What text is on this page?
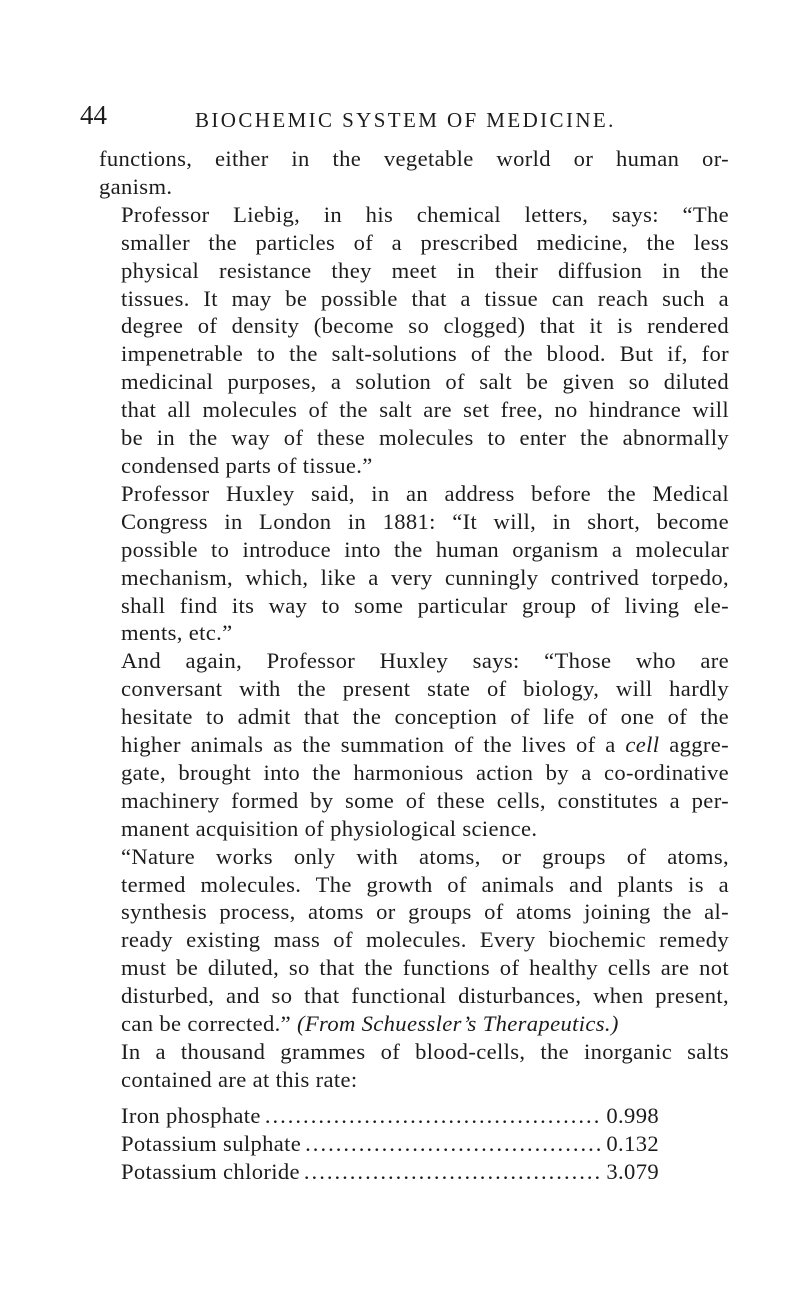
44	BIOCHEMIC SYSTEM OF MEDICINE.

functions, either in the vegetable world or human or-
ganism.

Professor Liebig, in his chemical letters, says: “The
smaller the particles of a prescribed medicine, the less
physical resistance they meet in their diffusion in the
tissues. It may be possible that a tissue can reach such a
degree of density (become so clogged) that it is rendered
impenetrable to the salt-solutions of the blood. But if, for
medicinal purposes, a solution of salt be given so diluted
that all molecules of the salt are set free, no hindrance will
be in the way of these molecules to enter the abnormally
condensed parts of tissue.”

Professor Huxley said, in an address before the Medical
Congress in London in 1881: “It will, in short, become
possible to introduce into the human organism a molecular
mechanism, which, like a very cunningly contrived torpedo,
shall find its way to some particular group of living ele-
ments, etc.”

And again, Professor Huxley says: “Those who are
conversant with the present state of biology, will hardly
hesitate to admit that the conception of life of one of the
higher animals as the summation of the lives of a cell aggre-
gate, brought into the harmonious action by a co-ordinative
machinery formed by some of these cells, constitutes a per-
manent acquisition of physiological science.

“Nature works only with atoms, or groups of atoms,
termed molecules. The growth of animals and plants is a
synthesis process, atoms or groups of atoms joining the al-
ready existing mass of molecules. Every biochemic remedy
must be diluted, so that the functions of healthy cells are not
disturbed, and so that functional disturbances, when present,
can be corrected.” (From Schuessler’s Therapeutics.)

In a thousand grammes of blood-cells, the inorganic salts
contained are at this rate:

Iron phosphate .....	0.998
Potassium sulphate .....	0.132
Potassium chloride .....	3.079
